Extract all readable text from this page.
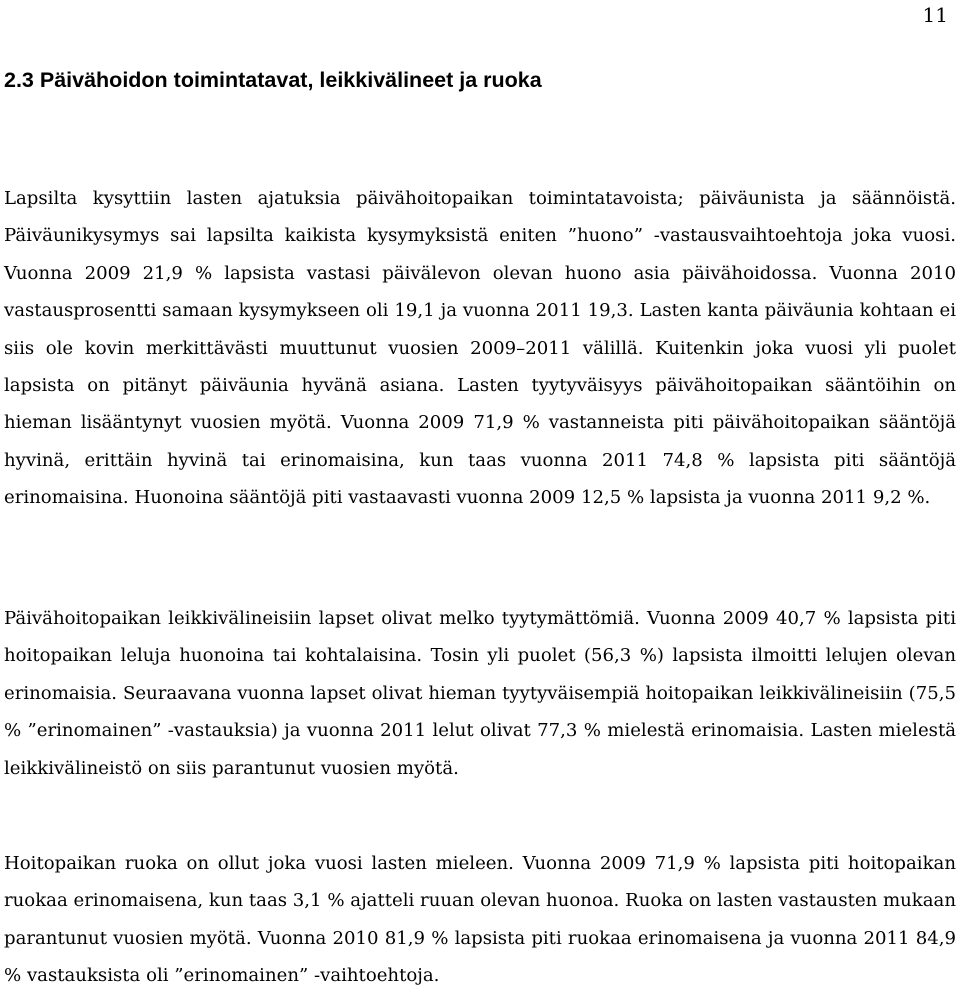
11
2.3 Päivähoidon toimintatavat, leikkivälineet ja ruoka

Lapsilta kysyttiin lasten ajatuksia päivähoitopaikan toimintatavoista; päiväunista ja säännöistä. Päiväunikysymys sai lapsilta kaikista kysymyksistä eniten ”huono” -vastausvaihtoehtoja joka vuosi. Vuonna 2009 21,9 % lapsista vastasi päivälevon olevan huono asia päivähoidossa. Vuonna 2010 vastausprosentti samaan kysymykseen oli 19,1 ja vuonna 2011 19,3. Lasten kanta päiväunia kohtaan ei siis ole kovin merkittävästi muuttunut vuosien 2009–2011 välillä. Kuitenkin joka vuosi yli puolet lapsista on pitänyt päiväunia hyvänä asiana. Lasten tyytyväisyys päivähoitopaikan sääntöihin on hieman lisääntynyt vuosien myötä. Vuonna 2009 71,9 % vastanneista piti päivähoitopaikan sääntöjä hyvinä, erittäin hyvinä tai erinomaisina, kun taas vuonna 2011 74,8 % lapsista piti sääntöjä erinomaisina. Huonoina sääntöjä piti vastaavasti vuonna 2009 12,5 % lapsista ja vuonna 2011 9,2 %.

Päivähoitopaikan leikkivälineisiin lapset olivat melko tyytymättömiä. Vuonna 2009 40,7 % lapsista piti hoitopaikan leluja huonoina tai kohtalaisina. Tosin yli puolet (56,3 %) lapsista ilmoitti lelujen olevan erinomaisia. Seuraavana vuonna lapset olivat hieman tyytyväisempiä hoitopaikan leikkivälineisiin (75,5 % ”erinomainen” -vastauksia) ja vuonna 2011 lelut olivat 77,3 % mielestä erinomaisia. Lasten mielestä leikkivälineistö on siis parantunut vuosien myötä.

Hoitopaikan ruoka on ollut joka vuosi lasten mieleen. Vuonna 2009 71,9 % lapsista piti hoitopaikan ruokaa erinomaisena, kun taas 3,1 % ajatteli ruuan olevan huonoa. Ruoka on lasten vastausten mukaan parantunut vuosien myötä. Vuonna 2010 81,9 % lapsista piti ruokaa erinomaisena ja vuonna 2011 84,9 % vastauksista oli ”erinomainen” -vaihtoehtoja.
